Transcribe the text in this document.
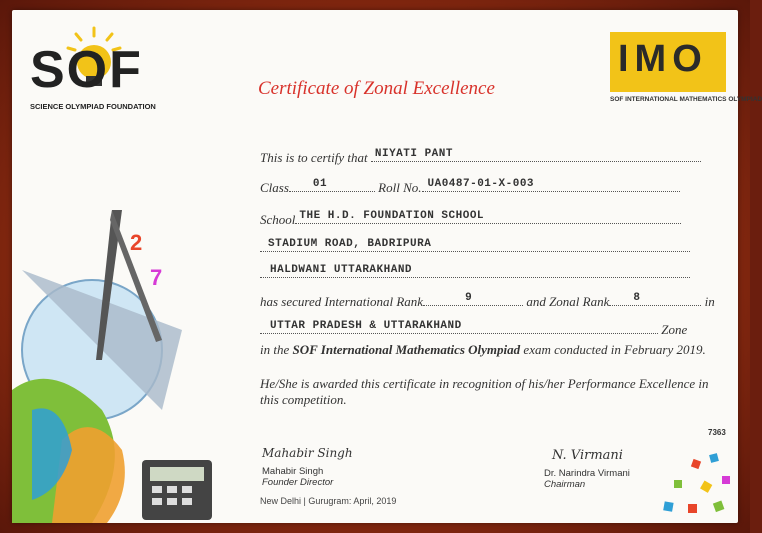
SOF
SCIENCE OLYMPIAD FOUNDATION
IMO
SOF INTERNATIONAL MATHEMATICS OLYMPIAD
Certificate of Zonal Excellence
This is to certify that NIYATI PANT
Class 01	Roll No. UA0487-01-X-003
School THE H.D. FOUNDATION SCHOOL
STADIUM ROAD, BADRIPURA
HALDWANI UTTARAKHAND
has secured International Rank	9	and Zonal Rank 8	in
UTTAR PRADESH & UTTARAKHAND	Zone
in the SOF International Mathematics Olympiad exam conducted in February 2019.
He/She is awarded this certificate in recognition of his/her Performance Excellence in
this competition.
7363
Mahabir Singh
Mahabir Singh
Founder Director
N. Virmani
Dr. Narindra Virmani
Chairman
New Delhi | Gurugram: April, 2019
2
7
